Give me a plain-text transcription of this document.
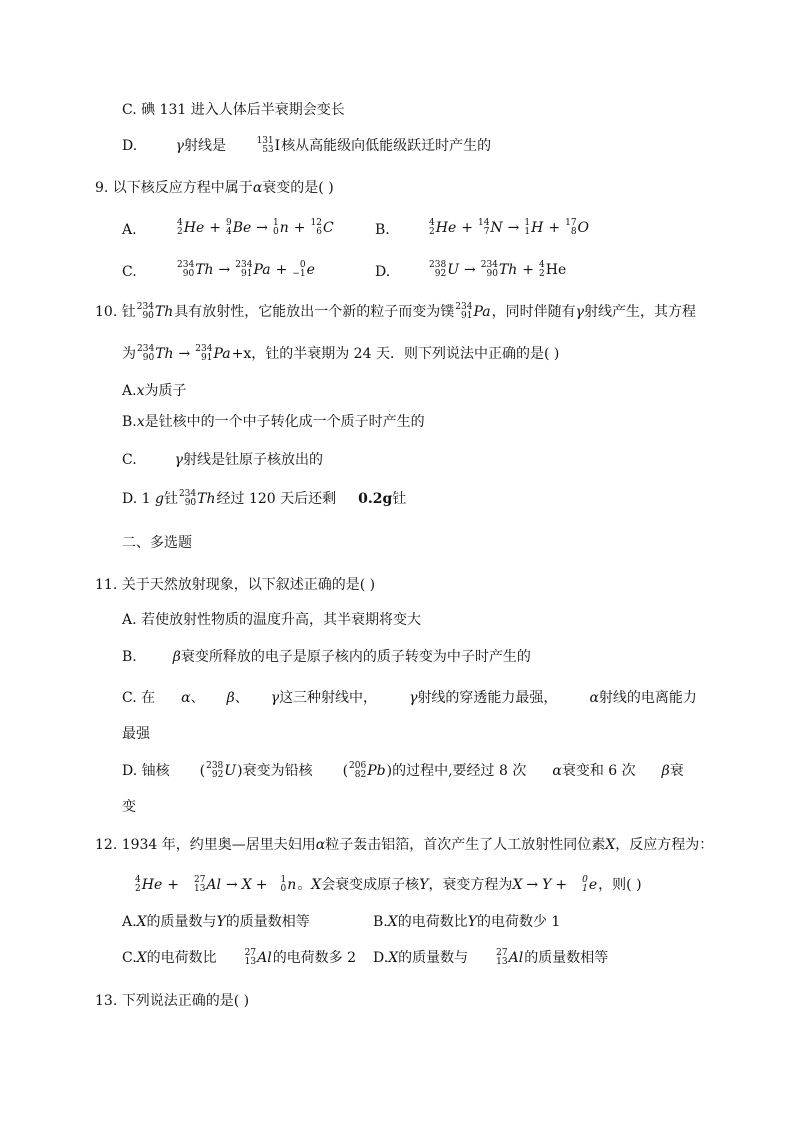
C. 碘 131 进入人体后半衰期会变长
D.	γ射线是	131
53 I 核从高能级向低能级跃迁时产生的
9. 以下核反应方程中属于α衰变的是( )
A.	4
2 He + 9
4 Be → 1
0 n + 12
6 C	B.	4
2 He + 14
7 N → 1
1 H + 17
8 O
C.	234
90 Th → 234
91 Pa + 0
−1 e	D.	238
92 U → 234
90 Th + 4
2 He
10. 钍 234
90 Th 具有放射性，它能放出一个新的粒子而变为镤 234
91 Pa ，同时伴随有γ射线产生，其方程
为 234
90 Th → 234
91 Pa +x，钍的半衰期为 24 天．则下列说法中正确的是( )
A.x为质子
B.x是钍核中的一个中子转化成一个质子时产生的
C.	γ射线是钍原子核放出的
D. 1 g钍 234
90 Th 经过 120 天后还剩 0.2g钍
二、多选题
11. 关于天然放射现象，以下叙述正确的是( )
A. 若使放射性物质的温度升高，其半衰期将变大
B.	β衰变所释放的电子是原子核内的质子转变为中子时产生的
C. 在 α、 β、 γ这三种射线中， γ射线的穿透能力最强， α射线的电离能力
最强
D. 铀核 ( 238
92 U )衰变为铅核 ( 206
82 Pb )的过程中,要经过 8 次 α衰变和 6 次 β衰
变
12. 1934 年，约里奥—居里夫妇用α粒子轰击铝箔，首次产生了人工放射性同位素X，反应方程为：
4
2 He + 27
13 Al → X + 1
0 n 。X会衰变成原子核Y，衰变方程为X → Y + 0
1 e ，则( )
A.X的质量数与Y的质量数相等	B.X的电荷数比Y的电荷数少 1
C.X的电荷数比	27
13 Al 的电荷数多 2 D.X的质量数与	27
13 Al 的质量数相等
13. 下列说法正确的是( )
